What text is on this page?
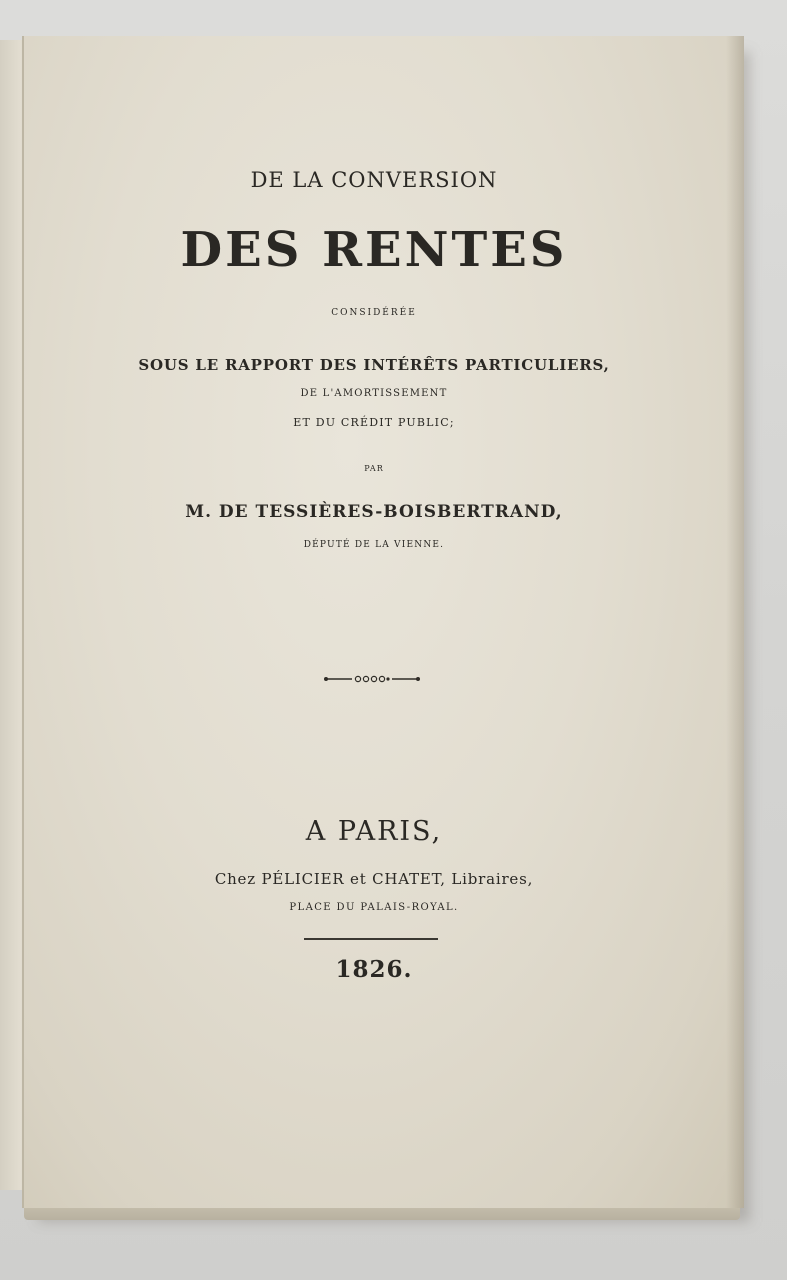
DE LA CONVERSION

DES RENTES

CONSIDÉRÉE

SOUS LE RAPPORT DES INTÉRÊTS PARTICULIERS,

DE L'AMORTISSEMENT

ET DU CRÉDIT PUBLIC;

PAR

M. DE TESSIÈRES-BOISBERTRAND,

DÉPUTÉ DE LA VIENNE.

A PARIS,

Chez PÉLICIER et CHATET, Libraires,

PLACE DU PALAIS-ROYAL.

1826.
